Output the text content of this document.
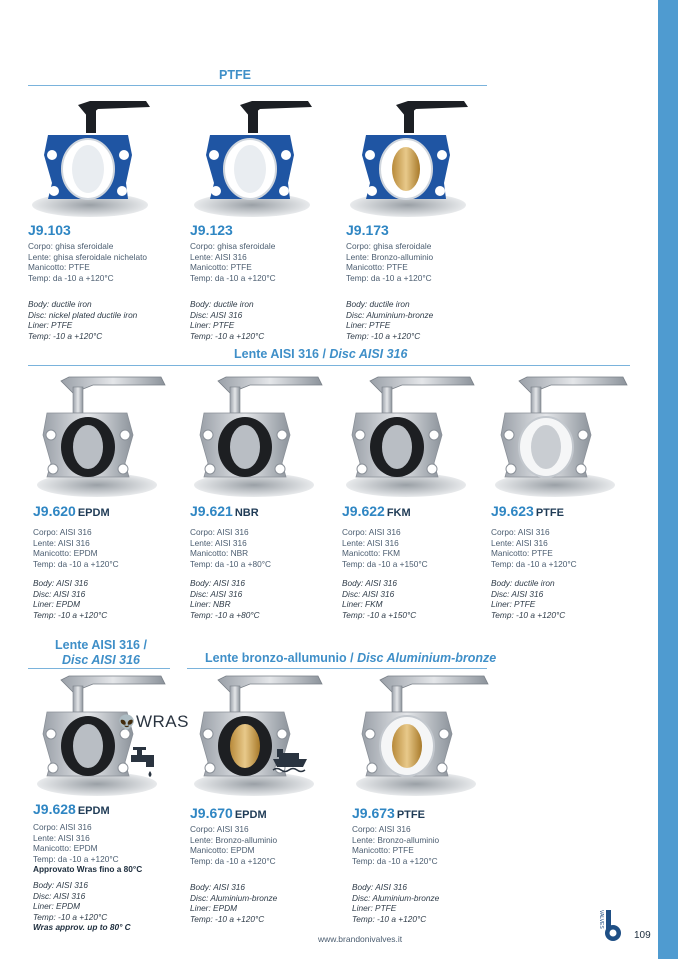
PTFE
Lente AISI 316 / Disc AISI 316
Lente AISI 316 /
Disc AISI 316	Lente bronzo-allumunio / Disc Aluminium-bronze
J9.103
Corpo: ghisa sferoidale
Lente: ghisa sferoidale nichelato
Manicotto: PTFE
Temp: da -10 a +120°C
Body: ductile iron
Disc: nickel plated ductile iron
Liner: PTFE
Temp: -10 a +120°C
J9.123
Corpo: ghisa sferoidale
Lente: AISI 316
Manicotto: PTFE
Temp: da -10 a +120°C
Body: ductile iron
Disc: AISI 316
Liner: PTFE
Temp: -10 a +120°C
J9.173
Corpo: ghisa sferoidale
Lente: Bronzo-alluminio
Manicotto: PTFE
Temp: da -10 a +120°C
Body: ductile iron
Disc: Aluminium-bronze
Liner: PTFE
Temp: -10 a +120°C
J9.620 EPDM
Corpo: AISI 316
Lente: AISI 316
Manicotto: EPDM
Temp: da -10 a +120°C
Body: AISI 316
Disc: AISI 316
Liner: EPDM
Temp: -10 a +120°C
J9.621 NBR
Corpo: AISI 316
Lente: AISI 316
Manicotto: NBR
Temp: da -10 a +80°C
Body: AISI 316
Disc: AISI 316
Liner: NBR
Temp: -10 a +80°C
J9.622 FKM
Corpo: AISI 316
Lente: AISI 316
Manicotto: FKM
Temp: da -10 a +150°C
Body: AISI 316
Disc: AISI 316
Liner: FKM
Temp: -10 a +150°C
J9.623 PTFE
Corpo: AISI 316
Lente: AISI 316
Manicotto: PTFE
Temp: da -10 a +120°C
Body: ductile iron
Disc: AISI 316
Liner: PTFE
Temp: -10 a +120°C
J9.628 EPDM
Corpo: AISI 316
Lente: AISI 316
Manicotto: EPDM
Temp: da -10 a +120°C
Approvato Wras fino a 80°C
Body: AISI 316
Disc: AISI 316
Liner: EPDM
Temp: -10 a +120°C
Wras approv. up to 80° C
J9.670 EPDM
Corpo: AISI 316
Lente: Bronzo-alluminio
Manicotto: EPDM
Temp: da -10 a +120°C
Body: AISI 316
Disc: Aluminium-bronze
Liner: EPDM
Temp: -10 a +120°C
J9.673 PTFE
Corpo: AISI 316
Lente: Bronzo-alluminio
Manicotto: PTFE
Temp: da -10 a +120°C
Body: AISI 316
Disc: Aluminium-bronze
Liner: PTFE
Temp: -10 a +120°C
👽WRAS
www.brandonivalves.it	109
VALVES
